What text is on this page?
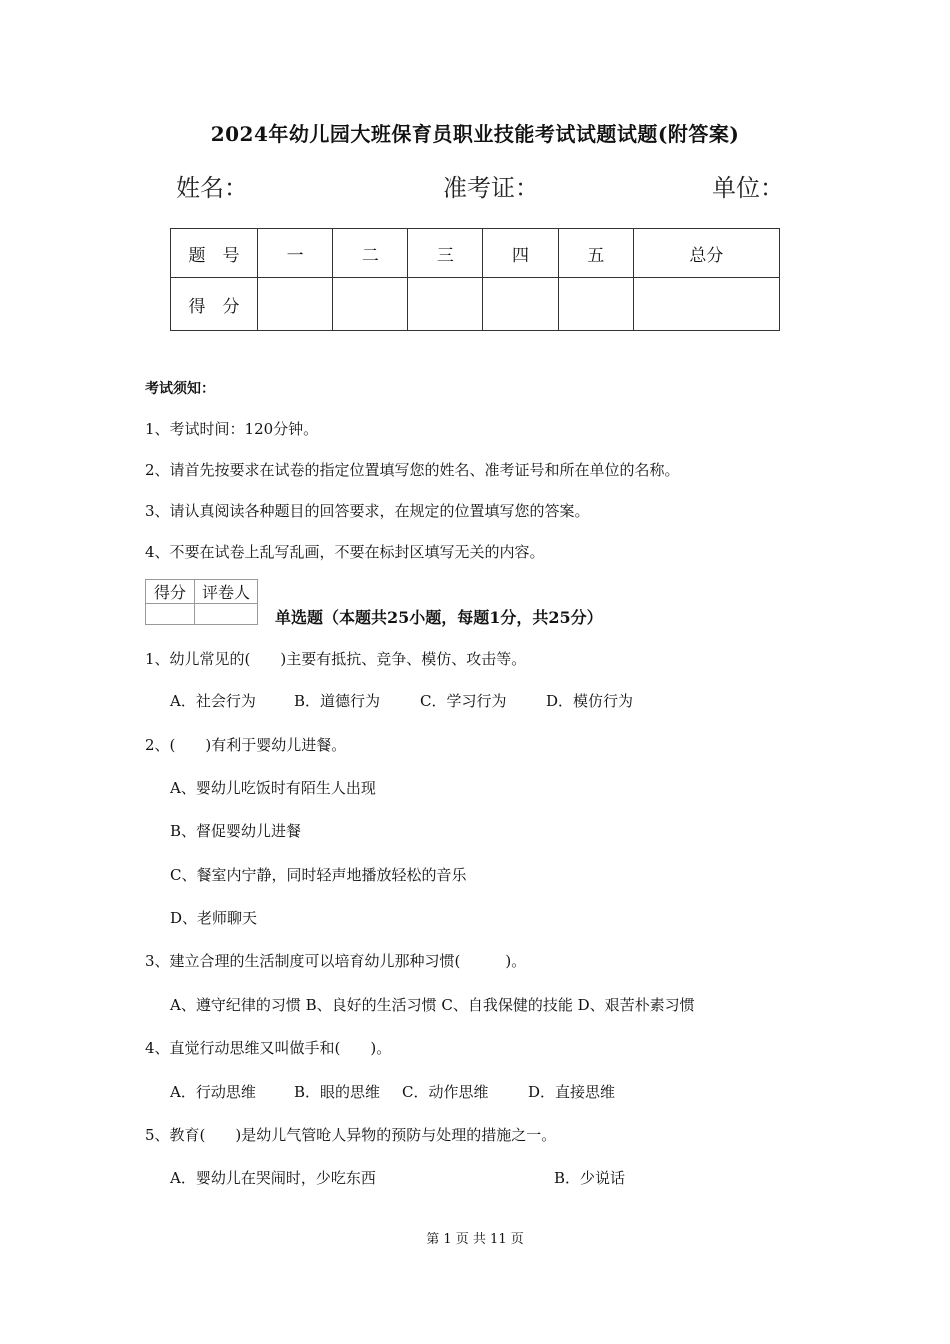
2024年幼儿园大班保育员职业技能考试试题试题(附答案)
姓名：	准考证：	单位：
题　号	一	二	三	四	五	总分
得　分						
考试须知：
1、考试时间：120分钟。
2、请首先按要求在试卷的指定位置填写您的姓名、准考证号和所在单位的名称。
3、请认真阅读各种题目的回答要求，在规定的位置填写您的答案。
4、不要在试卷上乱写乱画，不要在标封区填写无关的内容。
得分	评卷人

单选题（本题共25小题，每题1分，共25分）
1、幼儿常见的(　　)主要有抵抗、竞争、模仿、攻击等。
A．社会行为	B．道德行为	C．学习行为	D．模仿行为
2、(　　)有利于婴幼儿进餐。
A、婴幼儿吃饭时有陌生人出现
B、督促婴幼儿进餐
C、餐室内宁静，同时轻声地播放轻松的音乐
D、老师聊天
3、建立合理的生活制度可以培育幼儿那种习惯(　　　)。
A、遵守纪律的习惯 B、良好的生活习惯 C、自我保健的技能 D、艰苦朴素习惯
4、直觉行动思维又叫做手和(　　)。
A．行动思维	B．眼的思维 C．动作思维	D．直接思维
5、教育(　　)是幼儿气管呛人异物的预防与处理的措施之一。
A．婴幼儿在哭闹时，少吃东西	B．少说话
第 1 页 共 11 页
